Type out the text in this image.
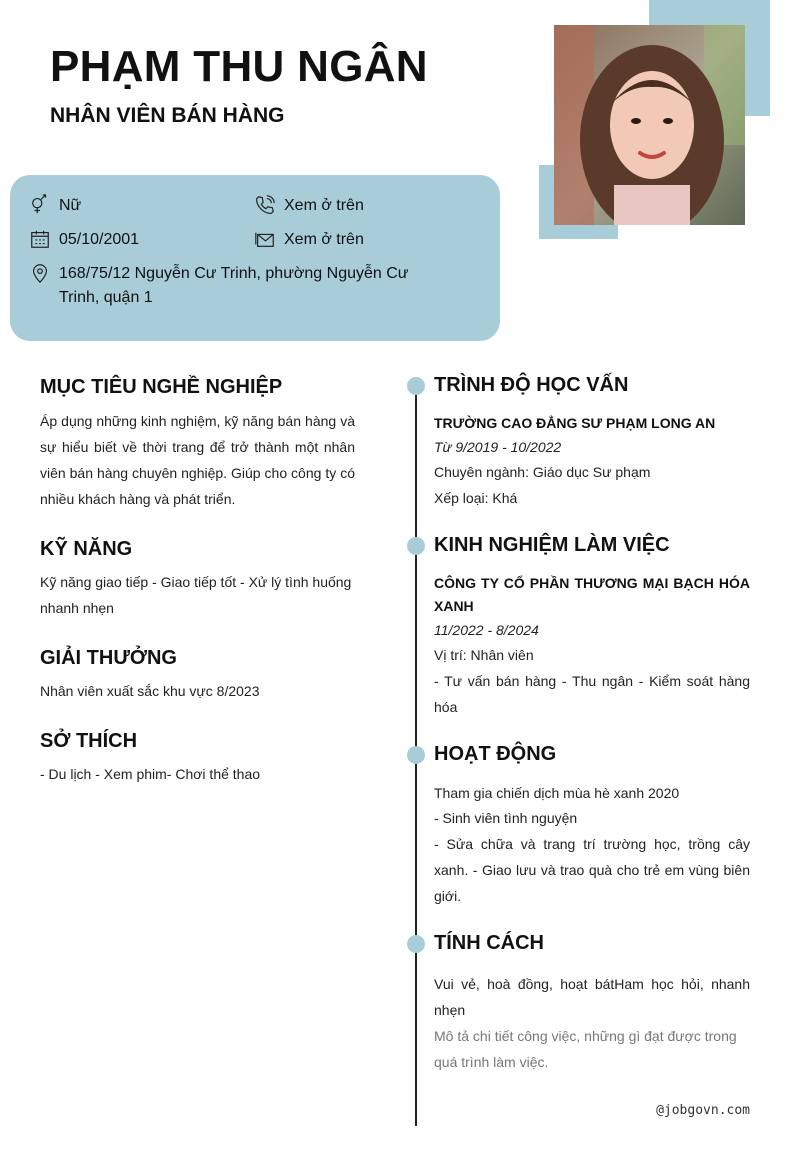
PHẠM THU NGÂN
NHÂN VIÊN BÁN HÀNG
Nữ	Xem ở trên
05/10/2001	Xem ở trên
168/75/12 Nguyễn Cư Trinh, phường Nguyễn Cư Trinh, quận 1
MỤC TIÊU NGHỀ NGHIỆP
Áp dụng những kinh nghiệm, kỹ năng bán hàng và sự hiểu biết về thời trang để trở thành một nhân viên bán hàng chuyên nghiệp. Giúp cho công ty có nhiều khách hàng và phát triển.
KỸ NĂNG
Kỹ năng giao tiếp - Giao tiếp tốt - Xử lý tình huống nhanh nhẹn
GIẢI THƯỞNG
Nhân viên xuất sắc khu vực 8/2023
SỞ THÍCH
- Du lịch - Xem phim- Chơi thể thao
TRÌNH ĐỘ HỌC VẤN
TRƯỜNG CAO ĐẲNG SƯ PHẠM LONG AN
Từ 9/2019 - 10/2022
Chuyên ngành: Giáo dục Sư phạm
Xếp loại: Khá
KINH NGHIỆM LÀM VIỆC
CÔNG TY CỔ PHẦN THƯƠNG MẠI BẠCH HÓA XANH
11/2022 - 8/2024
Vị trí: Nhân viên
- Tư vấn bán hàng - Thu ngân - Kiểm soát hàng hóa
HOẠT ĐỘNG
Tham gia chiến dịch mùa hè xanh 2020
- Sinh viên tình nguyện
- Sửa chữa và trang trí trường học, trồng cây xanh. - Giao lưu và trao quà cho trẻ em vùng biên giới.
TÍNH CÁCH
Vui vẻ, hoà đồng, hoạt bátHam học hỏi, nhanh nhẹn
Mô tả chi tiết công việc, những gì đạt được trong quá trình làm việc.
@jobgovn.com
